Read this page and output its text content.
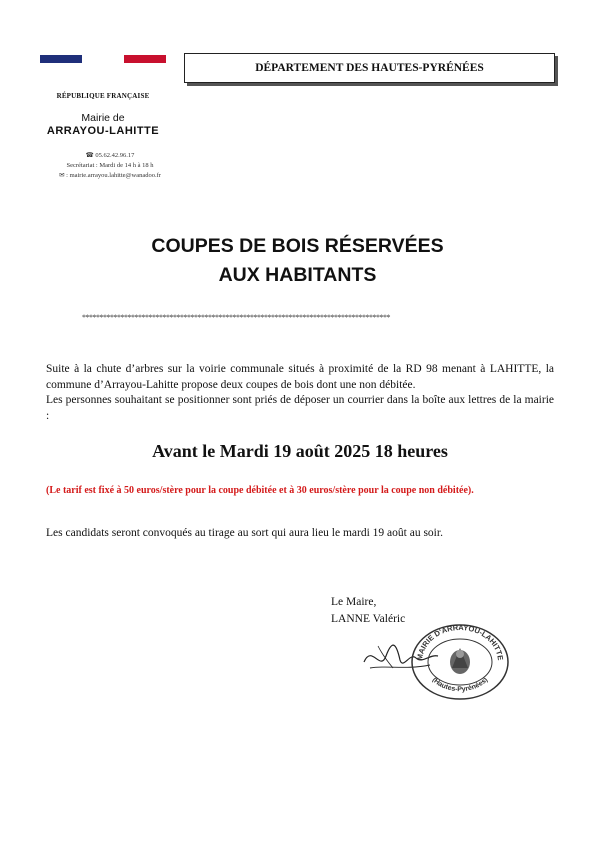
RÉPUBLIQUE FRANÇAISE
Mairie de
ARRAYOU-LAHITTE
☎ 05.62.42.96.17
Secrétariat : Mardi de 14 h à 18 h
✉ : mairie.arrayou.lahitte@wanadoo.fr
DÉPARTEMENT DES HAUTES-PYRÉNÉES
COUPES DE BOIS RÉSERVÉES
AUX HABITANTS
****************************************************************************************

Suite à la chute d’arbres sur la voirie communale situés à proximité de la RD 98 menant à LAHITTE, la commune d’Arrayou-Lahitte propose deux coupes de bois dont une non débitée.

Les personnes souhaitant se positionner sont priés de déposer un courrier dans la boîte aux lettres de la mairie :

Avant le Mardi 19 août 2025 18 heures
(Le tarif est fixé à 50 euros/stère pour la coupe débitée et à 30 euros/stère pour la coupe non débitée).
Les candidats seront convoqués au tirage au sort qui aura lieu le mardi 19 août au soir.
Le Maire,
LANNE Valéric
MAIRIE D'ARRAYOU-LAHITTE
(Hautes-Pyrénées)
